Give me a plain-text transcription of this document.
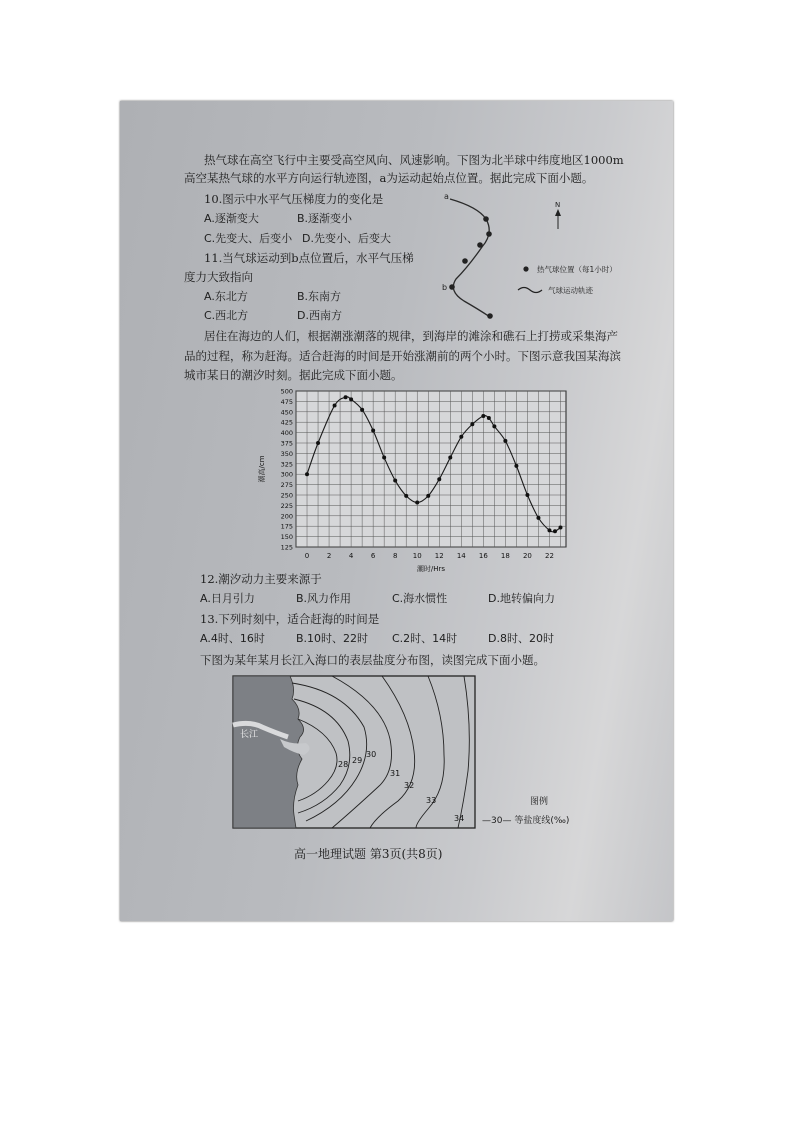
热气球在高空飞行中主要受高空风向、风速影响。下图为北半球中纬度地区1000m
高空某热气球的水平方向运行轨迹图，a为运动起始点位置。据此完成下面小题。
10.图示中水平气压梯度力的变化是
A.逐渐变大	B.逐渐变小
C.先变大、后变小 D.先变小、后变大
11.当气球运动到b点位置后，水平气压梯
度力大致指向
A.东北方	B.东南方
C.西北方	D.西南方
a
b
N
热气球位置（每1小时）
气球运动轨迹
居住在海边的人们，根据潮涨潮落的规律，到海岸的滩涂和礁石上打捞或采集海产
品的过程，称为赶海。适合赶海的时间是开始涨潮前的两个小时。下图示意我国某海滨
城市某日的潮汐时刻。据此完成下面小题。
125
150
175
200
225
250
275
300
325
350
375
400
425
450
475
500
0	2	4	6	8 10 12 14 16 18 20 22
潮时/Hrs
潮高/cm
12.潮汐动力主要来源于
A.日月引力	B.风力作用	C.海水惯性	D.地转偏向力
13.下列时刻中，适合赶海的时间是
A.4时、16时	B.10时、22时 C.2时、14时	D.8时、20时
下图为某年某月长江入海口的表层盐度分布图，读图完成下面小题。
长江
28 29
30
31
32
33
34
图例
—30— 等盐度线(‰)
高一地理试题 第3页(共8页)
